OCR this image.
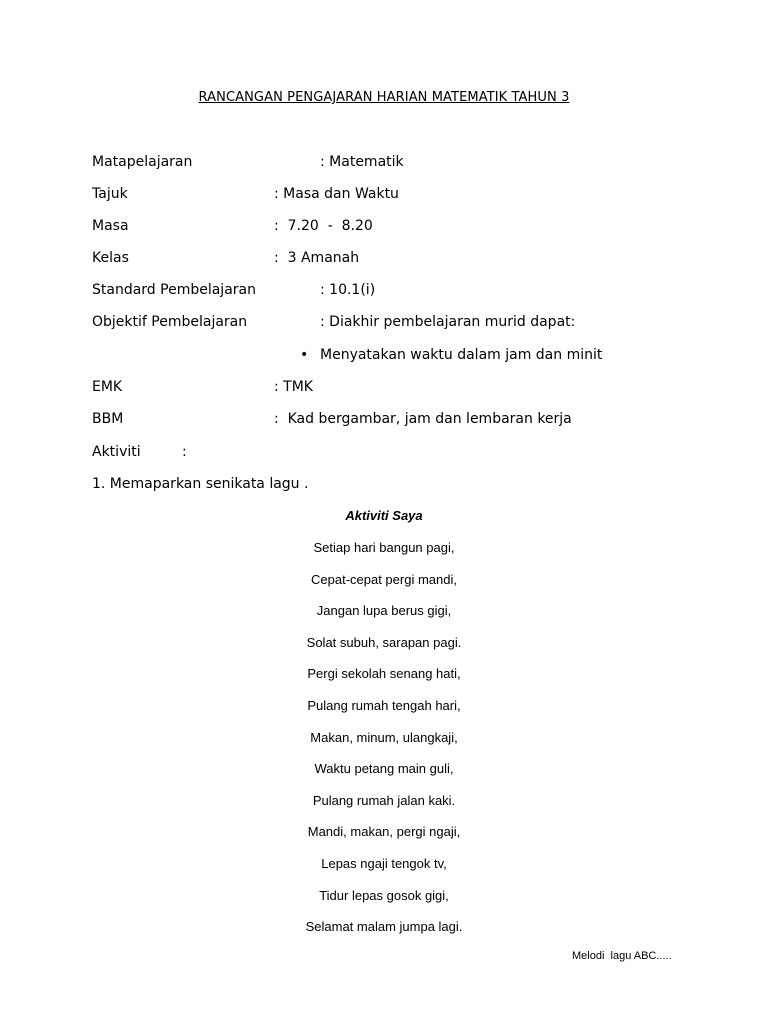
RANCANGAN PENGAJARAN HARIAN MATEMATIK TAHUN 3

Matapelajaran

	: Matematik

Tajuk

	: Masa dan Waktu

Masa

	:  7.20  -  8.20

Kelas

	:  3 Amanah

Standard Pembelajaran

	: 10.1(i)

Objektif Pembelajaran

	: Diakhir pembelajaran murid dapat:

•

Menyatakan waktu dalam jam dan minit

EMK

	: TMK

BBM

	:  Kad bergambar, jam dan lembaran kerja

Aktiviti

	:

1. Memaparkan senikata lagu .

Aktiviti Saya
Setiap hari bangun pagi,
Cepat-cepat pergi mandi,
Jangan lupa berus gigi,
Solat subuh, sarapan pagi.
Pergi sekolah senang hati,
Pulang rumah tengah hari,
Makan, minum, ulangkaji,
Waktu petang main guli,
Pulang rumah jalan kaki.
Mandi, makan, pergi ngaji,
Lepas ngaji tengok tv,
Tidur lepas gosok gigi,
Selamat malam jumpa lagi.
Melodi  lagu ABC.....
